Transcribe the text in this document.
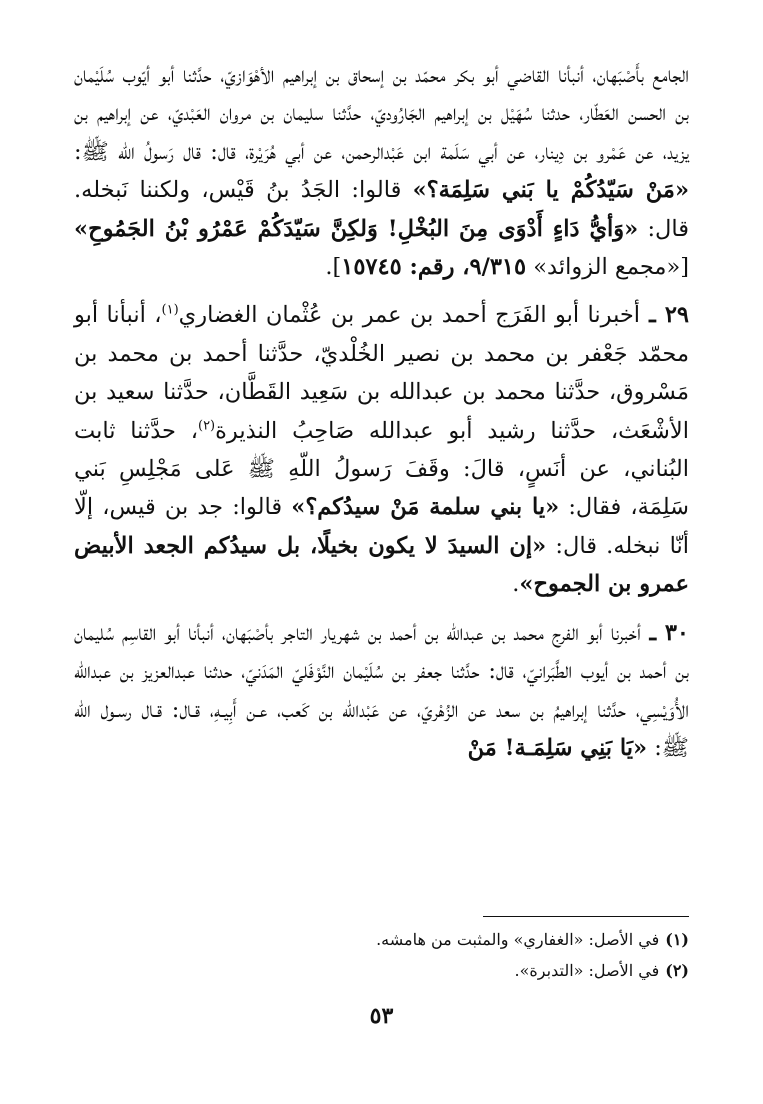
الجامع بأَصْبَهان، أنبأنا القاضي أبو بكر محمّد بن إسحاق بن إبراهيم الأهْوَازيّ، حدَّثنا أبو أيّوب سُلَيْمان بن الحسن العَطّار، حدثنا سُهَيْل بن إبراهيم الجَارُوديّ، حدَّثنا سليمان بن مروان العَبْديّ، عن إبراهيم بن يزيد، عن عَمْرو بن دِينار، عن أبي سَلَمة ابن عَبْدالرحمن، عن أبي هُرَيْرة، قال: قال رَسولُ الله ﷺ: «مَنْ سَيّدُكُمْ يا بَني سَلِمَة؟» قالوا: الجَدُ بنُ قَيْس، ولكننا نَبخله. قال: «وَأيُّ دَاءٍ أَدْوَى مِنَ البُخْلِ! وَلكِنَّ سَيّدَكُمْ عَمْرُو بْنُ الجَمُوحِ» [«مجمع الزوائد» ٩/٣١٥، رقم: ١٥٧٤٥].

٢٩ ـ أخبرنا أبو الفَرَج أحمد بن عمر بن عُثْمان الغضاري$^{(١)}$، أنبأنا أبو محمّد جَعْفر بن محمد بن نصير الخُلْديّ، حدَّثنا أحمد بن محمد بن مَسْروق، حدَّثنا محمد بن عبدالله بن سَعِيد القَطَّان، حدَّثنا سعيد بن الأشْعَث، حدَّثنا رشيد أبو عبدالله صَاحِبُ النذيرة$^{(٢)}$، حدَّثنا ثابت البُناني، عن أنَسٍ، قالَ: وقَفَ رَسولُ اللّهِ ﷺ عَلى مَجْلِسِ بَني سَلِمَة، فقال: «يا بني سلمة مَنْ سيدُكم؟» قالوا: جد بن قيس، إلّا أنّا نبخله. قال: «إن السيدَ لا يكون بخيلًا، بل سيدُكم الجعد الأبيض عمرو بن الجموح».

٣٠ ـ أخبرنا أبو الفرج محمد بن عبدالله بن أحمد بن شهريار التاجر بأصْبَهان، أنبأنا أبو القاسِم سُليمان بن أحمد بن أيوب الطَّبَرانيّ، قال: حدَّثنا جعفر بن سُلَيْمان النَّوْفَليّ المَدَنيّ، حدثنا عبدالعزيز بن عبدالله الأُوَيْسِي، حدَّثنا إبراهيمُ بن سعد عن الزُهْريّ، عن عَبْدالله بن كَعب، عـن أَبِيـهِ، قـال: قـال رسـول الله ﷺ: «يَا بَنِي سَلِمَـة! مَنْ

(١)في الأصل: «الغفاري» والمثبت من هامشه.

(٢)في الأصل: «التدبرة».

٥٣
